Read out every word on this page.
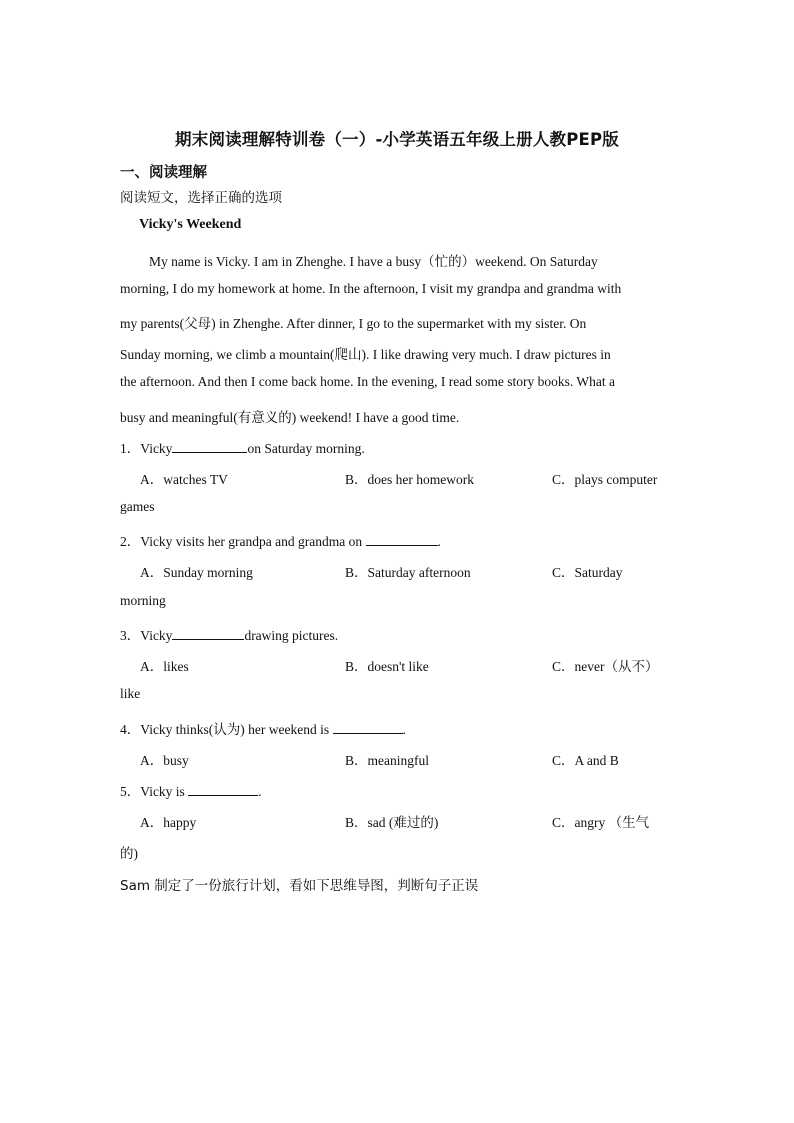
期末阅读理解特训卷（一）-小学英语五年级上册人教PEP版
一、阅读理解
阅读短文，选择正确的选项
Vicky's Weekend
My name is Vicky. I am in Zhenghe. I have a busy（忙的）weekend. On Saturday
morning, I do my homework at home. In the afternoon, I visit my grandpa and grandma with
my parents(父母) in Zhenghe. After dinner, I go to the supermarket with my sister. On
Sunday morning, we climb a mountain(爬山). I like drawing very much. I draw pictures in
the afternoon. And then I come back home. In the evening, I read some story books. What a
busy and meaningful(有意义的) weekend! I have a good time.
1．Vicky	on Saturday morning.
A．watches TV	B．does her homework	C．plays computer
games
2．Vicky visits her grandpa and grandma on	.
A．Sunday morning	B．Saturday afternoon	C．Saturday
morning
3．Vicky	drawing pictures.
A．likes	B．doesn't like	C．never（从不）
like
4．Vicky thinks(认为) her weekend is	.
A．busy	B．meaningful	C．A and B
5．Vicky is	.
A．happy	B．sad (难过的)	C．angry （生气
的)
Sam 制定了一份旅行计划，看如下思维导图，判断句子正误
